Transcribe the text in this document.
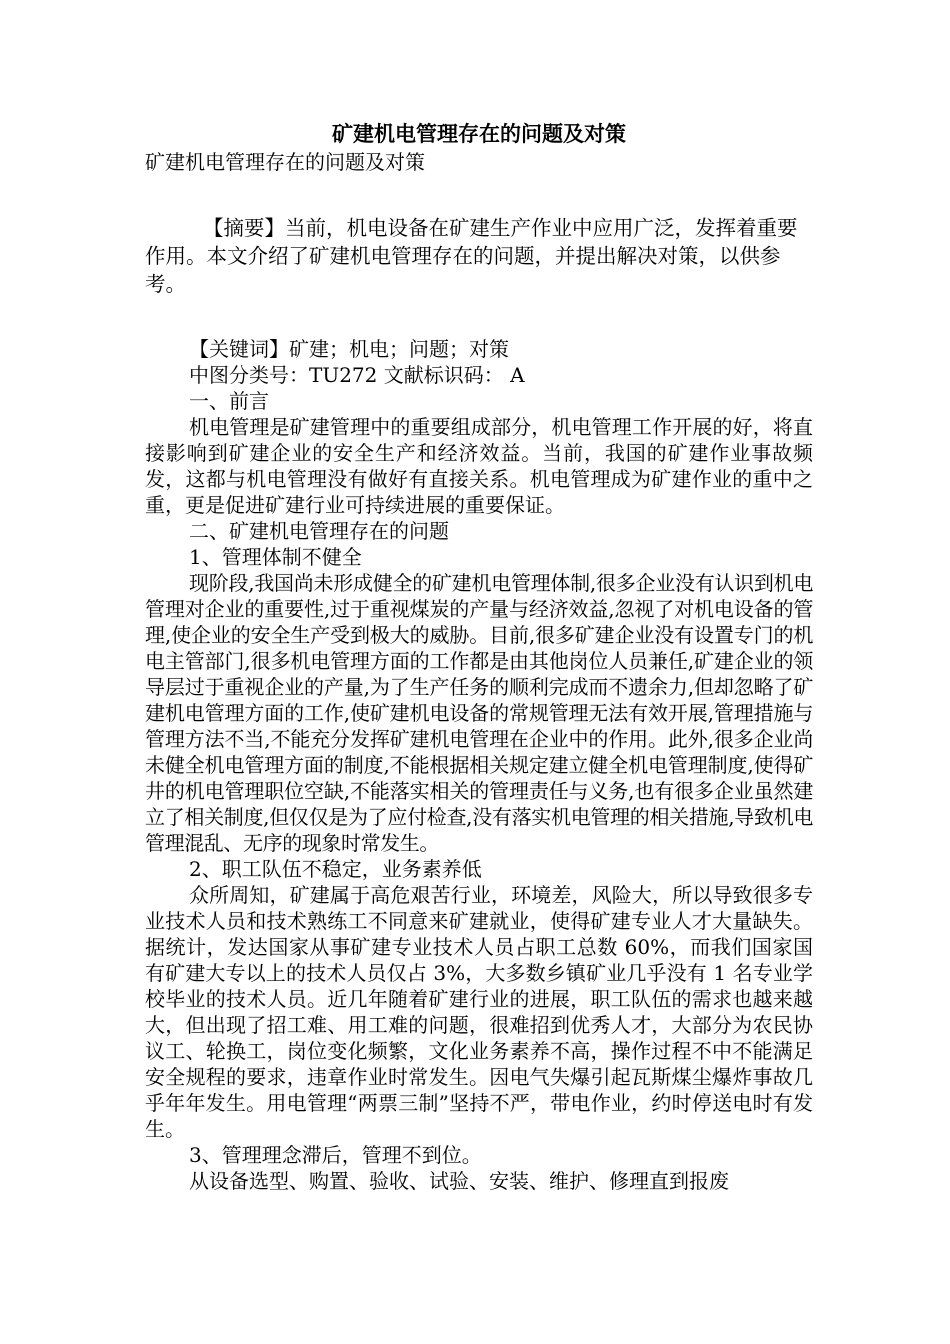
矿建机电管理存在的问题及对策

矿建机电管理存在的问题及对策

【摘要】当前，机电设备在矿建生产作业中应用广泛，发挥着重要作用。本文介绍了矿建机电管理存在的问题，并提出解决对策，以供参考。

【关键词】矿建；机电；问题；对策

中图分类号：TU272 文献标识码： A

一、前言

机电管理是矿建管理中的重要组成部分，机电管理工作开展的好，将直接影响到矿建企业的安全生产和经济效益。当前，我国的矿建作业事故频发，这都与机电管理没有做好有直接关系。机电管理成为矿建作业的重中之重，更是促进矿建行业可持续进展的重要保证。

二、矿建机电管理存在的问题

1、管理体制不健全

现阶段,我国尚未形成健全的矿建机电管理体制,很多企业没有认识到机电管理对企业的重要性,过于重视煤炭的产量与经济效益,忽视了对机电设备的管理,使企业的安全生产受到极大的威胁。目前,很多矿建企业没有设置专门的机电主管部门,很多机电管理方面的工作都是由其他岗位人员兼任,矿建企业的领导层过于重视企业的产量,为了生产任务的顺利完成而不遗余力,但却忽略了矿建机电管理方面的工作,使矿建机电设备的常规管理无法有效开展,管理措施与管理方法不当,不能充分发挥矿建机电管理在企业中的作用。此外,很多企业尚未健全机电管理方面的制度,不能根据相关规定建立健全机电管理制度,使得矿井的机电管理职位空缺,不能落实相关的管理责任与义务,也有很多企业虽然建立了相关制度,但仅仅是为了应付检查,没有落实机电管理的相关措施,导致机电管理混乱、无序的现象时常发生。

2、职工队伍不稳定，业务素养低

众所周知，矿建属于高危艰苦行业，环境差，风险大，所以导致很多专业技术人员和技术熟练工不同意来矿建就业，使得矿建专业人才大量缺失。据统计，发达国家从事矿建专业技术人员占职工总数 60%，而我们国家国有矿建大专以上的技术人员仅占 3%，大多数乡镇矿业几乎没有 1 名专业学校毕业的技术人员。近几年随着矿建行业的进展，职工队伍的需求也越来越大，但出现了招工难、用工难的问题，很难招到优秀人才，大部分为农民协议工、轮换工，岗位变化频繁，文化业务素养不高，操作过程不中不能满足安全规程的要求，违章作业时常发生。因电气失爆引起瓦斯煤尘爆炸事故几乎年年发生。用电管理“两票三制”坚持不严，带电作业，约时停送电时有发生。

3、管理理念滞后，管理不到位。

从设备选型、购置、验收、试验、安装、维护、修理直到报废
